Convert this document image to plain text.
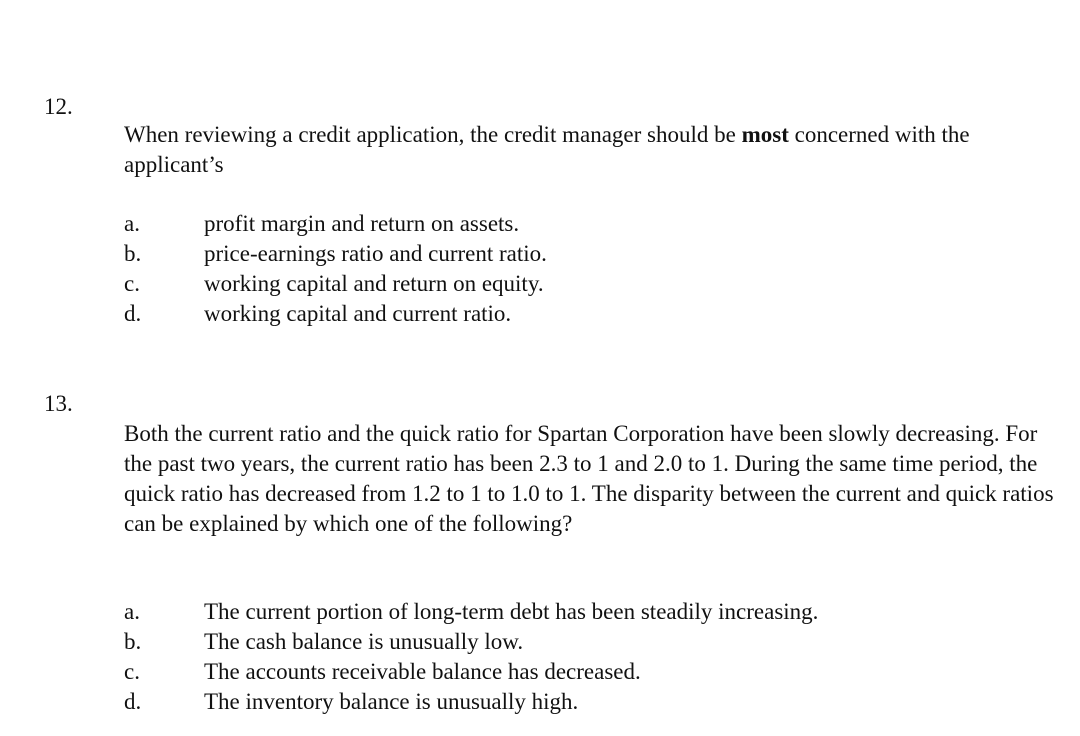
12.

When reviewing a credit application, the credit manager should be most concerned with the applicant’s

a.	profit margin and return on assets.
b.	price-earnings ratio and current ratio.
c.	working capital and return on equity.
d.	working capital and current ratio.
13.

Both the current ratio and the quick ratio for Spartan Corporation have been slowly decreasing. For the past two years, the current ratio has been 2.3 to 1 and 2.0 to 1. During the same time period, the quick ratio has decreased from 1.2 to 1 to 1.0 to 1. The disparity between the current and quick ratios can be explained by which one of the following?

a.	The current portion of long-term debt has been steadily increasing.
b.	The cash balance is unusually low.
c.	The accounts receivable balance has decreased.
d.	The inventory balance is unusually high.
